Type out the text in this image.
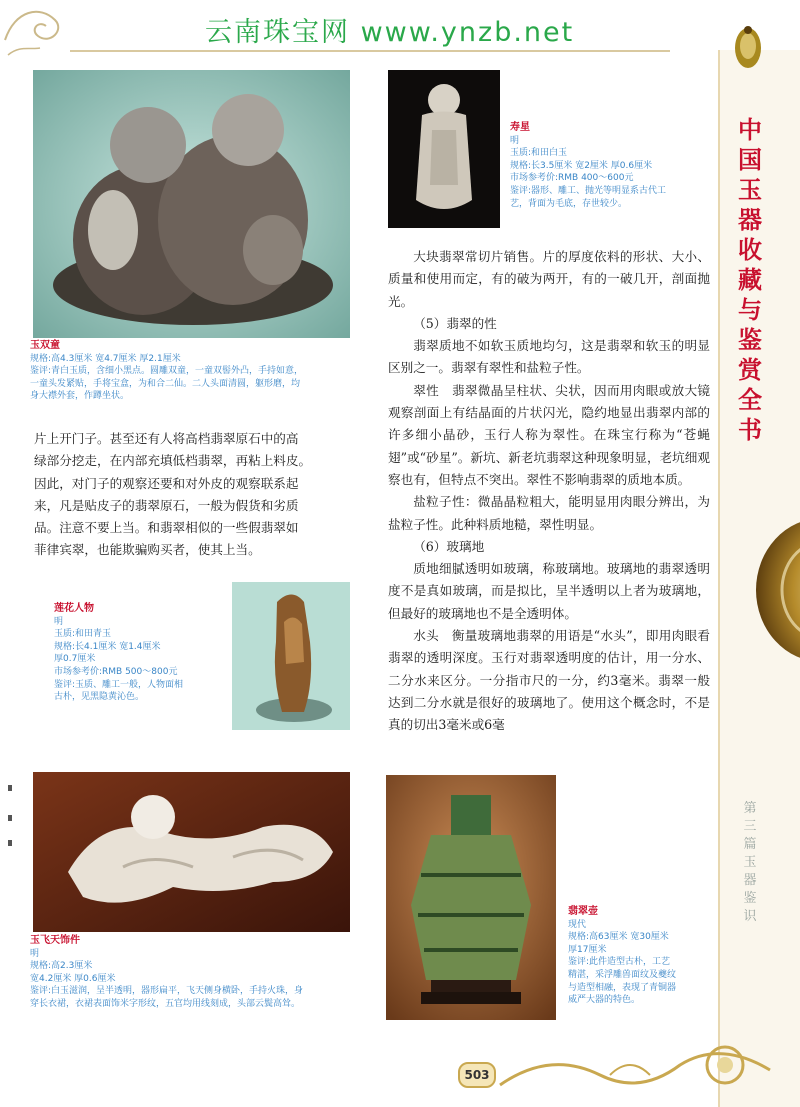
云南珠宝网 www.ynzb.net
中国玉器收藏与鉴赏全书
第三篇 玉器鉴识
玉双童
规格:高4.3厘米 宽4.7厘米 厚2.1厘米
鉴评:青白玉质，含细小黑点。圆雕双童，一童双髻外凸，手持如意，
一童头发紧贴，手将宝盒，为和合二仙。二人头面清圆，躯形磨，均
身大襟外套，作蹲坐状。

片上开门子。甚至还有人将高档翡翠原石中的高

绿部分挖走，在内部充填低档翡翠，再粘上料皮。

因此，对门子的观察还要和对外皮的观察联系起

来，凡是贴皮子的翡翠原石，一般为假货和劣质

品。注意不要上当。和翡翠相似的一些假翡翠如

菲律宾翠，也能欺骗购买者，使其上当。

莲花人物
明
玉质:和田青玉
规格:长4.1厘米 宽1.4厘米
厚0.7厘米
市场参考价:RMB 500～800元
鉴评:玉质、雕工一般，人物面相
古朴，见黑隐黄沁色。
玉飞天饰件
明
规格:高2.3厘米
宽4.2厘米 厚0.6厘米
鉴评:白玉滋润，呈半透明，器形扁平，飞天侧身横卧，手持火珠，身
穿长衣裙，衣裙表面饰米字形纹，五官均用线刻成，头部云鬓高耸。
寿星
明
玉质:和田白玉
规格:长3.5厘米 宽2厘米 厚0.6厘米
市场参考价:RMB 400～600元
鉴评:器形、雕工、抛光等明显系古代工
艺，背面为毛底，存世较少。

大块翡翠常切片销售。片的厚度依料的形状、大小、质量和使用而定，有的破为两开，有的一破几开，剖面抛光。

（5）翡翠的性

翡翠质地不如软玉质地均匀，这是翡翠和软玉的明显区别之一。翡翠有翠性和盐粒子性。

翠性　翡翠微晶呈柱状、尖状，因而用肉眼或放大镜观察剖面上有结晶面的片状闪光，隐约地显出翡翠内部的许多细小晶砂，玉行人称为翠性。在珠宝行称为“苍蝇翅”或“砂星”。新坑、新老坑翡翠这种现象明显，老坑细观察也有，但特点不突出。翠性不影响翡翠的质地本质。

盐粒子性：微晶晶粒粗大，能明显用肉眼分辨出，为盐粒子性。此种料质地糙，翠性明显。

（6）玻璃地

质地细腻透明如玻璃，称玻璃地。玻璃地的翡翠透明度不是真如玻璃，而是拟比，呈半透明以上者为玻璃地，但最好的玻璃地也不是全透明体。

水头　衡量玻璃地翡翠的用语是“水头”，即用肉眼看翡翠的透明深度。玉行对翡翠透明度的估计，用一分水、二分水来区分。一分指市尺的一分，约3毫米。翡翠一般达到二分水就是很好的玻璃地了。使用这个概念时，不是真的切出3毫米或6毫

翡翠壶
现代
规格:高63厘米 宽30厘米
厚17厘米
鉴评:此件造型古朴，工艺
精湛，采浮雕兽面纹及夔纹
与造型相融，表现了青铜器
威严大器的特色。
503
